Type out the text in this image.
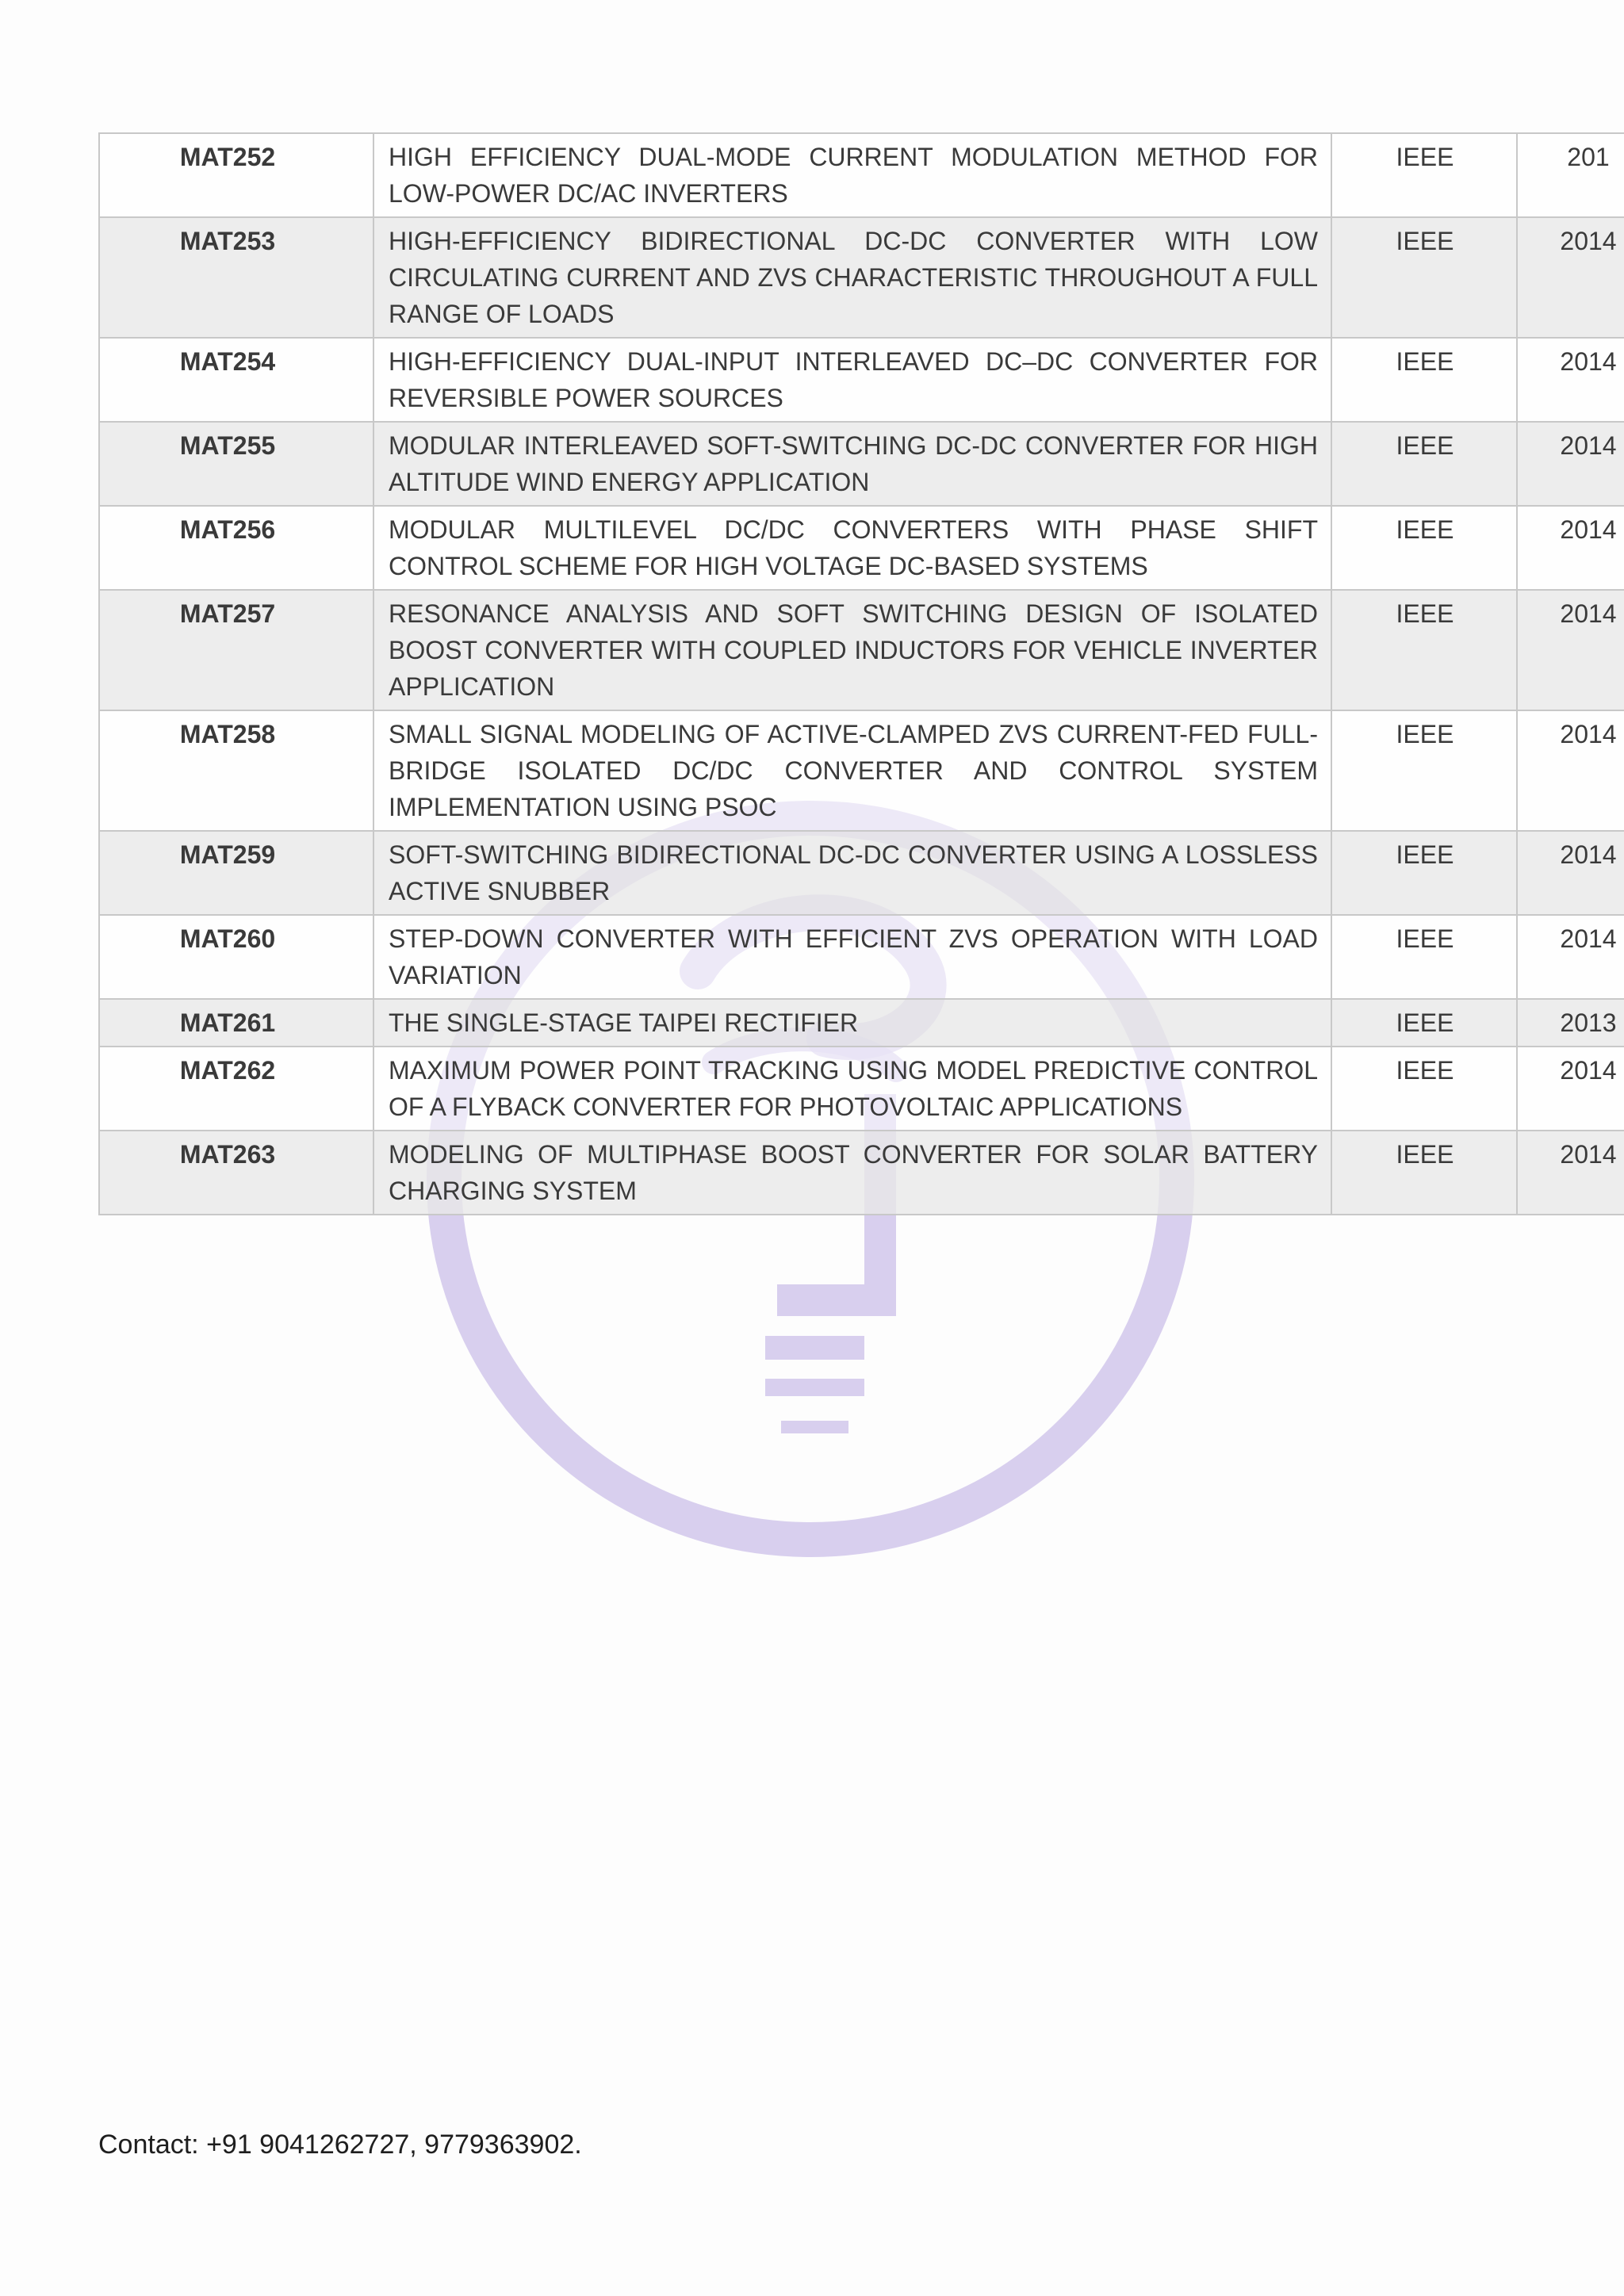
MAT252	HIGH EFFICIENCY DUAL-MODE CURRENT MODULATION METHOD FOR LOW-POWER DC/AC INVERTERS	IEEE	201
MAT253	HIGH-EFFICIENCY BIDIRECTIONAL DC-DC CONVERTER WITH LOW CIRCULATING CURRENT AND ZVS CHARACTERISTIC THROUGHOUT A FULL RANGE OF LOADS	IEEE	2014
MAT254	HIGH-EFFICIENCY DUAL-INPUT INTERLEAVED DC–DC CONVERTER FOR REVERSIBLE POWER SOURCES	IEEE	2014
MAT255	MODULAR INTERLEAVED SOFT-SWITCHING DC-DC CONVERTER FOR HIGH ALTITUDE WIND ENERGY APPLICATION	IEEE	2014
MAT256	MODULAR MULTILEVEL DC/DC CONVERTERS WITH PHASE SHIFT CONTROL SCHEME FOR HIGH VOLTAGE DC-BASED SYSTEMS	IEEE	2014
MAT257	RESONANCE ANALYSIS AND SOFT SWITCHING DESIGN OF ISOLATED BOOST CONVERTER WITH COUPLED INDUCTORS FOR VEHICLE INVERTER APPLICATION	IEEE	2014
MAT258	SMALL SIGNAL MODELING OF ACTIVE-CLAMPED ZVS CURRENT-FED FULL-BRIDGE ISOLATED DC/DC CONVERTER AND CONTROL SYSTEM IMPLEMENTATION USING PSOC	IEEE	2014
MAT259	SOFT-SWITCHING BIDIRECTIONAL DC-DC CONVERTER USING A LOSSLESS ACTIVE SNUBBER	IEEE	2014
MAT260	STEP-DOWN CONVERTER WITH EFFICIENT ZVS OPERATION WITH LOAD VARIATION	IEEE	2014
MAT261	THE SINGLE-STAGE TAIPEI RECTIFIER	IEEE	2013
MAT262	MAXIMUM POWER POINT TRACKING USING MODEL PREDICTIVE CONTROL OF A FLYBACK CONVERTER FOR PHOTOVOLTAIC APPLICATIONS	IEEE	2014
MAT263	MODELING OF MULTIPHASE BOOST CONVERTER FOR SOLAR BATTERY CHARGING SYSTEM	IEEE	2014
Contact: +91 9041262727, 9779363902.
